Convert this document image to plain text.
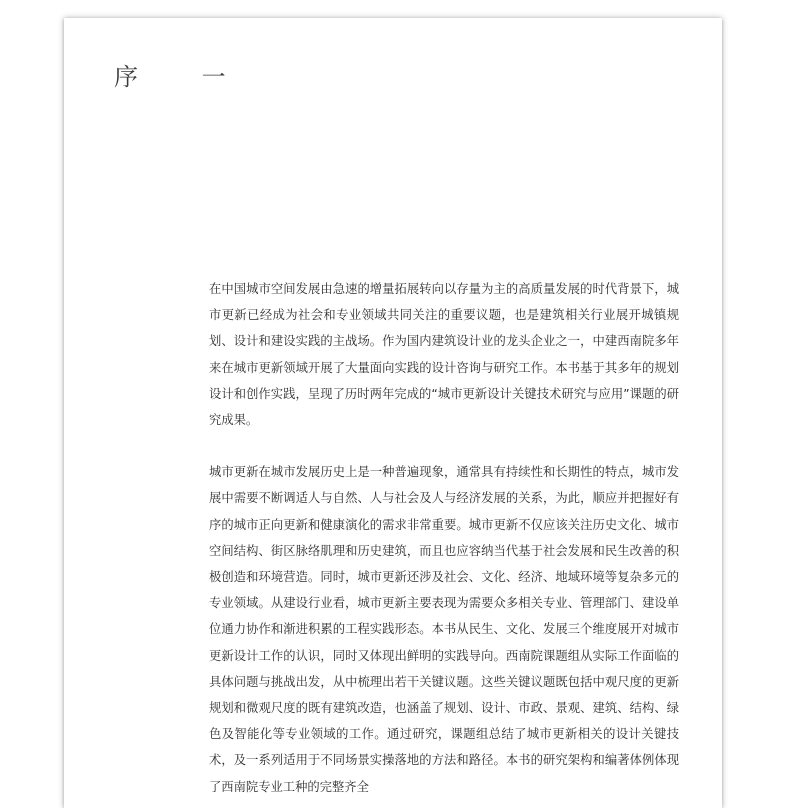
序 一

在中国城市空间发展由急速的增量拓展转向以存量为主的高质量发展的时代背景下，城市更新已经成为社会和专业领域共同关注的重要议题，也是建筑相关行业展开城镇规划、设计和建设实践的主战场。作为国内建筑设计业的龙头企业之一，中建西南院多年来在城市更新领域开展了大量面向实践的设计咨询与研究工作。本书基于其多年的规划设计和创作实践，呈现了历时两年完成的“城市更新设计关键技术研究与应用”课题的研究成果。

城市更新在城市发展历史上是一种普遍现象，通常具有持续性和长期性的特点，城市发展中需要不断调适人与自然、人与社会及人与经济发展的关系，为此，顺应并把握好有序的城市正向更新和健康演化的需求非常重要。城市更新不仅应该关注历史文化、城市空间结构、街区脉络肌理和历史建筑，而且也应容纳当代基于社会发展和民生改善的积极创造和环境营造。同时，城市更新还涉及社会、文化、经济、地域环境等复杂多元的专业领域。从建设行业看，城市更新主要表现为需要众多相关专业、管理部门、建设单位通力协作和渐进积累的工程实践形态。本书从民生、文化、发展三个维度展开对城市更新设计工作的认识，同时又体现出鲜明的实践导向。西南院课题组从实际工作面临的具体问题与挑战出发，从中梳理出若干关键议题。这些关键议题既包括中观尺度的更新规划和微观尺度的既有建筑改造，也涵盖了规划、设计、市政、景观、建筑、结构、绿色及智能化等专业领域的工作。通过研究，课题组总结了城市更新相关的设计关键技术，及一系列适用于不同场景实操落地的方法和路径。本书的研究架构和编著体例体现了西南院专业工种的完整齐全
